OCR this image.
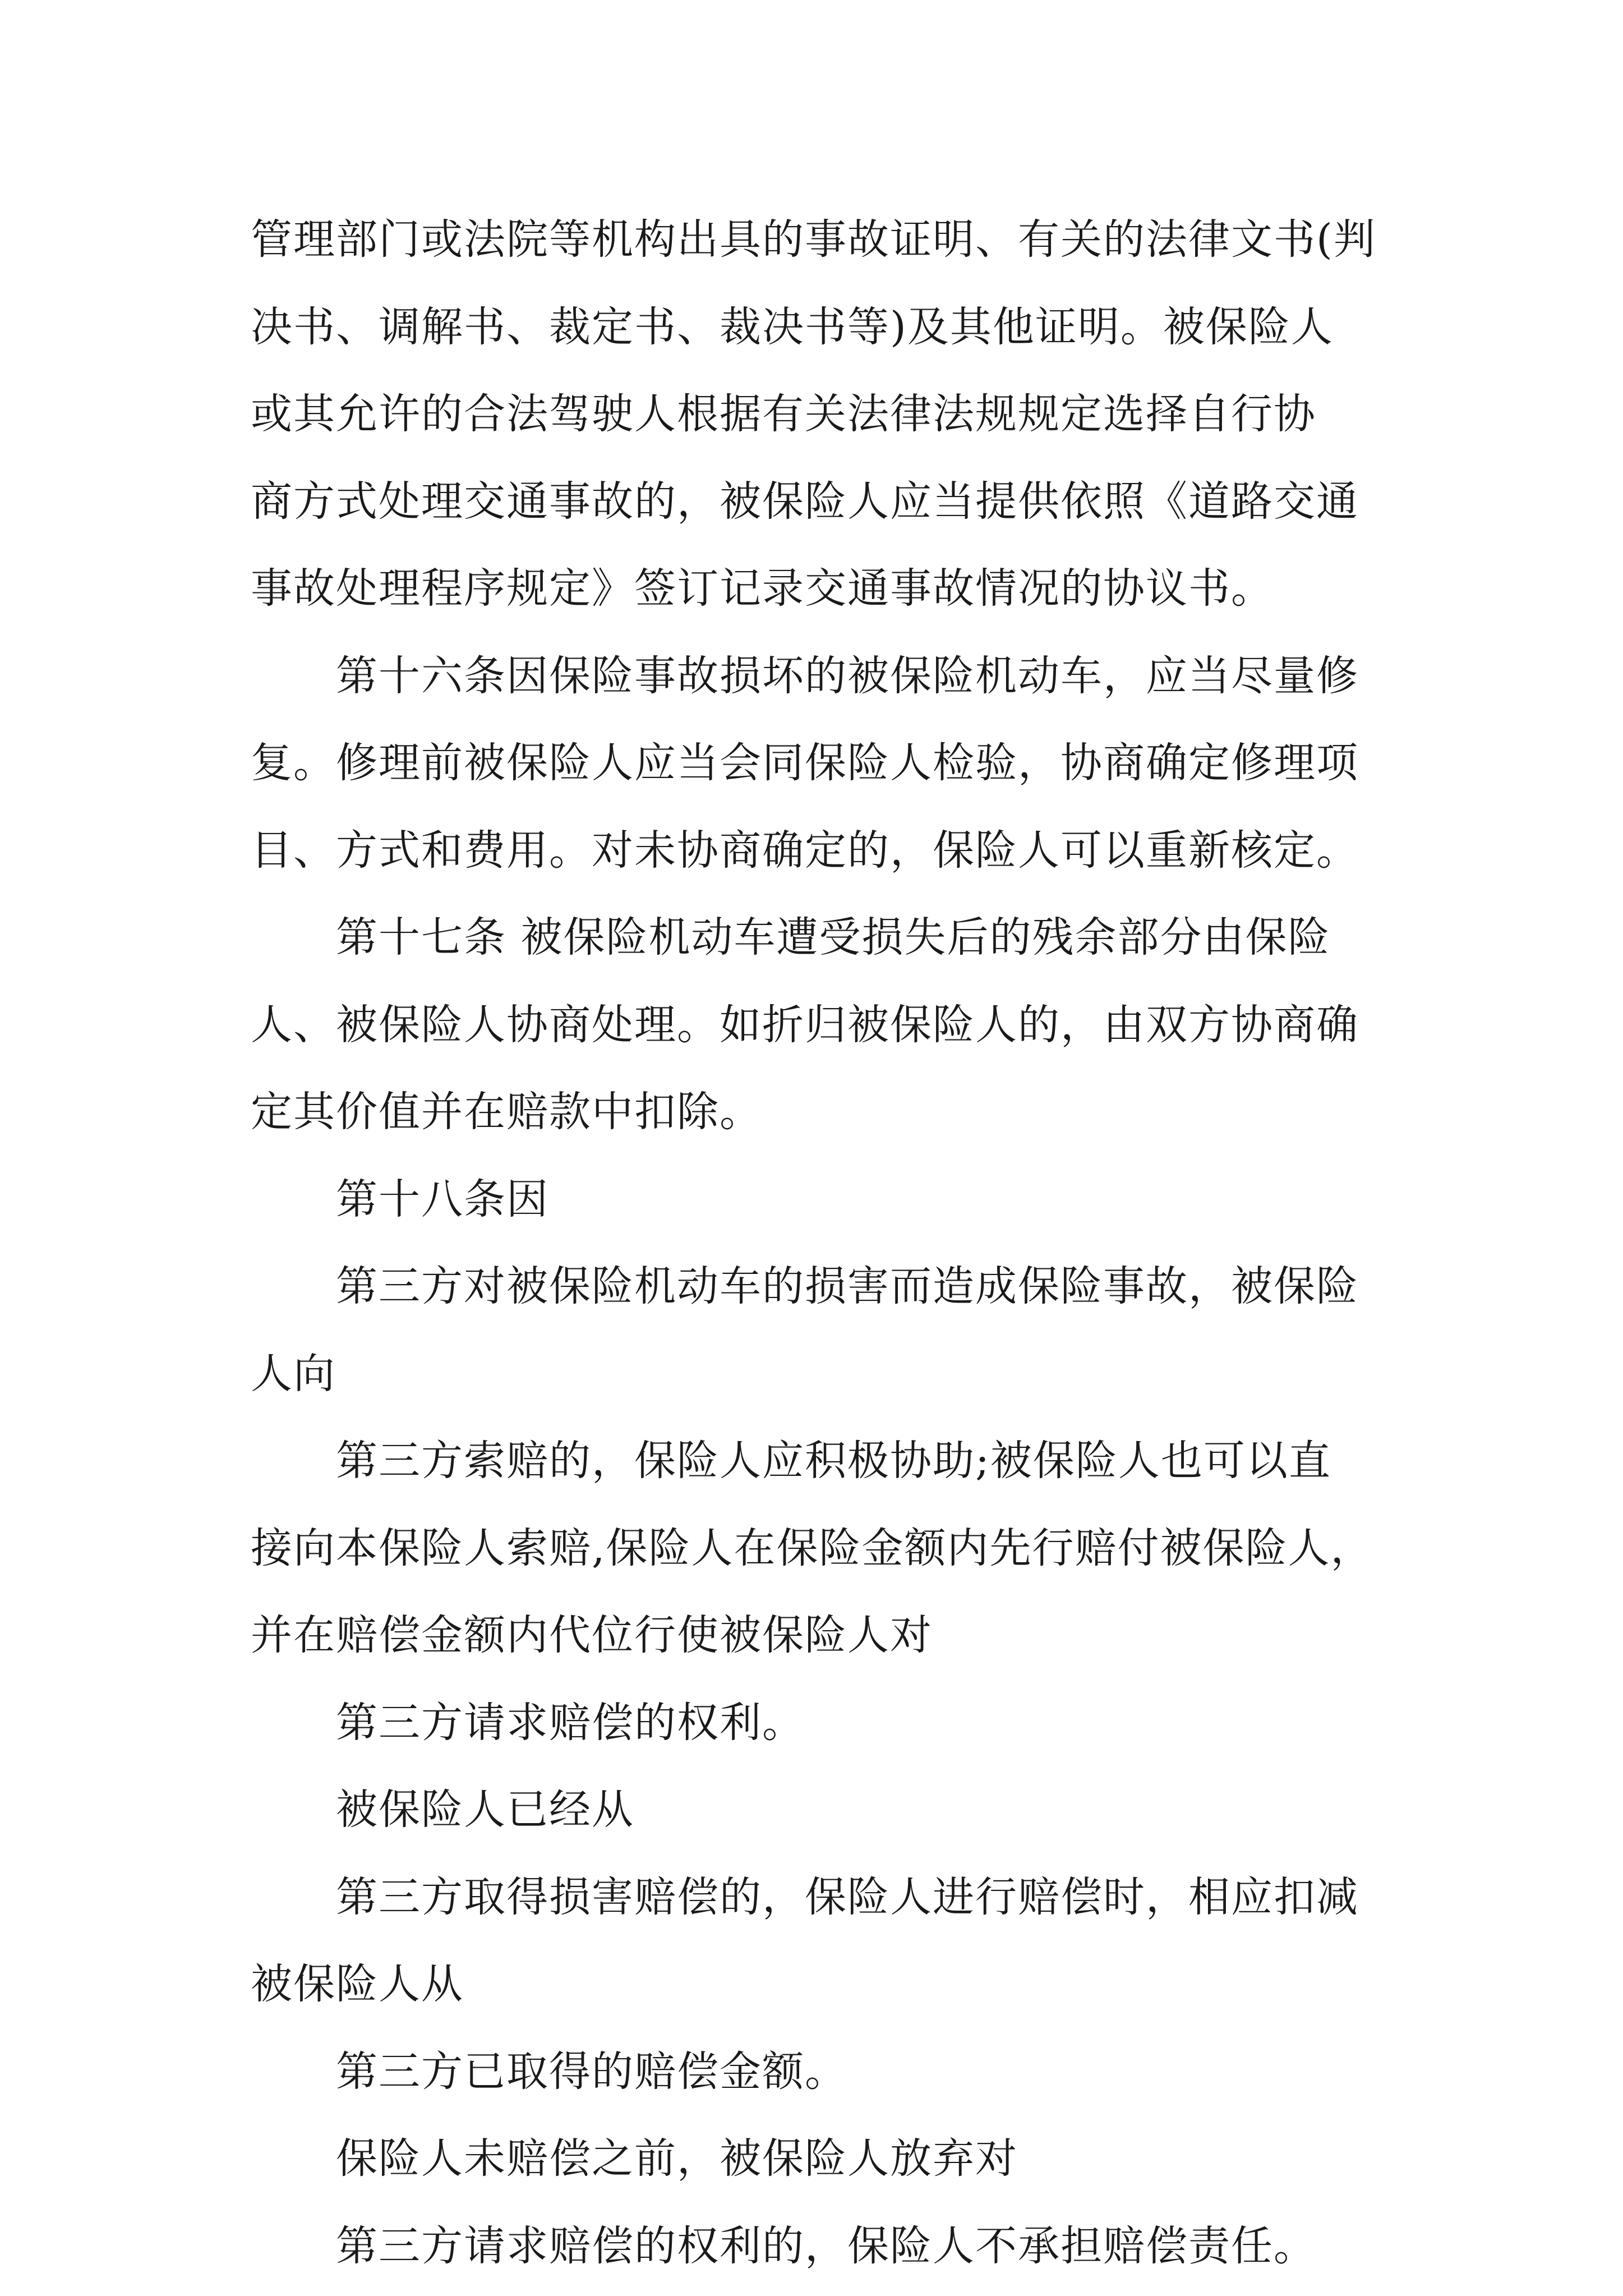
管理部门或法院等机构出具的事故证明、有关的法律文书(判
决书、调解书、裁定书、裁决书等)及其他证明。被保险人
或其允许的合法驾驶人根据有关法律法规规定选择自行协
商方式处理交通事故的，被保险人应当提供依照《道路交通
事故处理程序规定》签订记录交通事故情况的协议书。
第十六条因保险事故损坏的被保险机动车，应当尽量修
复。修理前被保险人应当会同保险人检验，协商确定修理项
目、方式和费用。对未协商确定的，保险人可以重新核定。
第十七条 被保险机动车遭受损失后的残余部分由保险
人、被保险人协商处理。如折归被保险人的，由双方协商确
定其价值并在赔款中扣除。
第十八条因
第三方对被保险机动车的损害而造成保险事故，被保险
人向
第三方索赔的，保险人应积极协助;被保险人也可以直
接向本保险人索赔,保险人在保险金额内先行赔付被保险人，
并在赔偿金额内代位行使被保险人对
第三方请求赔偿的权利。
被保险人已经从
第三方取得损害赔偿的，保险人进行赔偿时，相应扣减
被保险人从
第三方已取得的赔偿金额。
保险人未赔偿之前，被保险人放弃对
第三方请求赔偿的权利的，保险人不承担赔偿责任。
